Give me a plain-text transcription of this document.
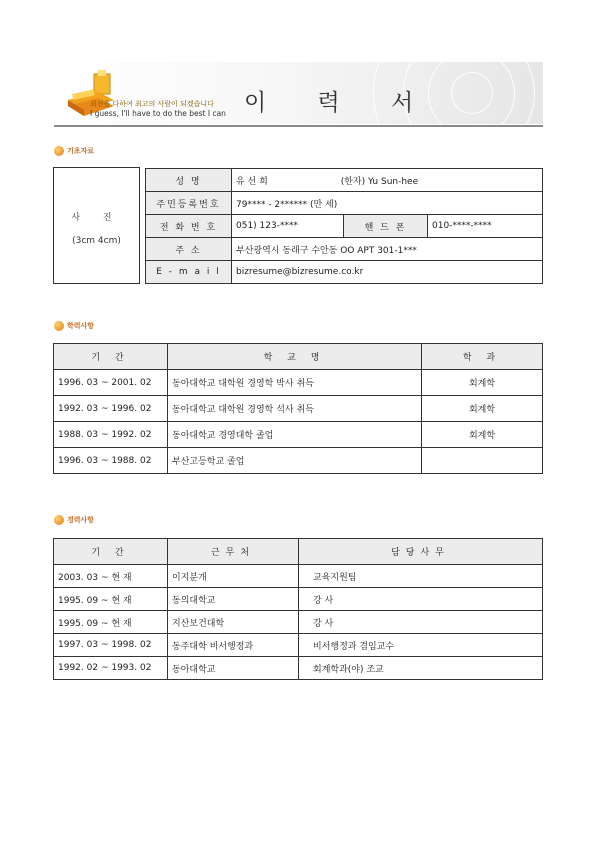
최선을 다하여 최고의 사람이 되겠습니다
I guess, I'll have to do the best I can 이 력 서
기초자료
사 진
(3cm 4cm)
성 명	유 선 희 (한자) Yu Sun-hee		
주민등록번호	79**** - 2****** (만 세)		
전 화 번 호	051) 123-****	핸 드 폰	010-****-****
주 소	부산광역시 동래구 수안동 OO APT 301-1***		
E - m a i l	bizresume@bizresume.co.kr		
학력사항
기 간	학 교 명	학 과
1996. 03 ~ 2001. 02	동아대학교 대학원 경영학 박사 취득	회계학
1992. 03 ~ 1996. 02	동아대학교 대학원 경영학 석사 취득	회계학
1988. 03 ~ 1992. 02	동아대학교 경영대학 졸업	회계학
1996. 03 ~ 1988. 02	부산고등학교 졸업	
경력사항
기 간	근무처	담당사무
2003. 03 ~ 현 재	이지분개	교육지원팀
1995. 09 ~ 현 재	동의대학교	강 사
1995. 09 ~ 현 재	지산보건대학	강 사
1997. 03 ~ 1998. 02	동주대학 비서행정과	비서행정과 겸임교수
1992. 02 ~ 1993. 02	동아대학교	회계학과(야) 조교
